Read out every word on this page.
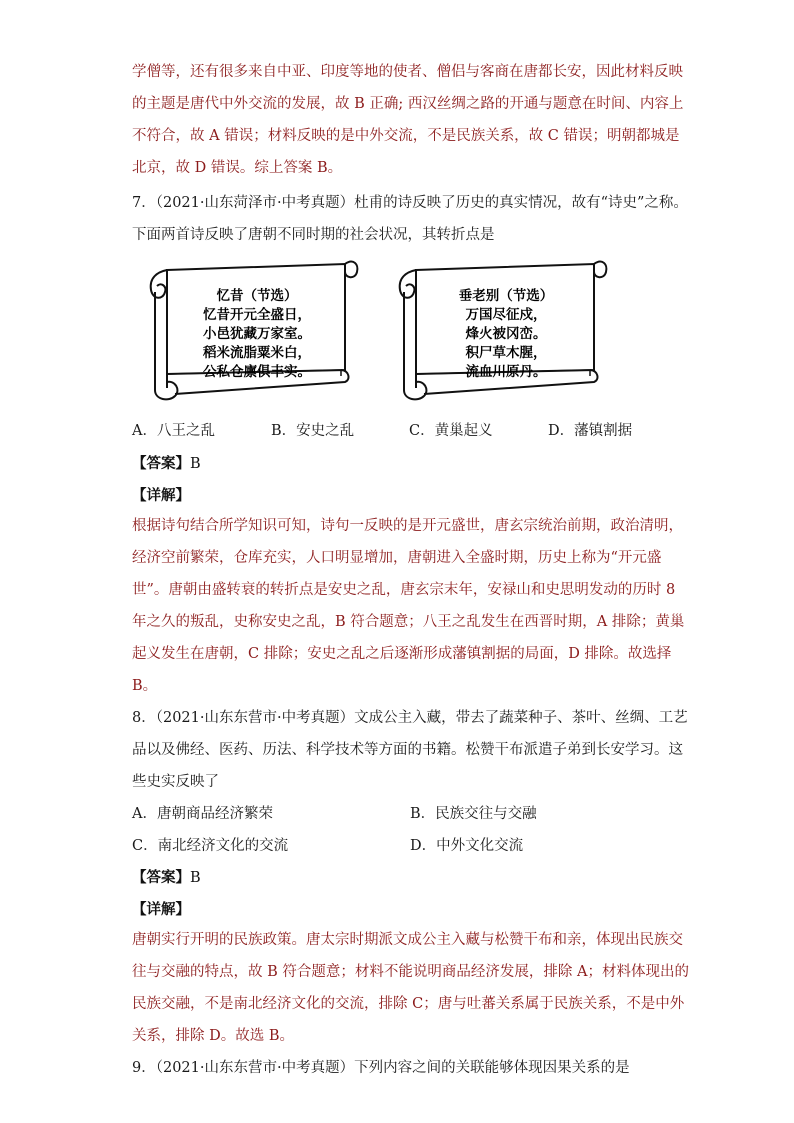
学僧等，还有很多来自中亚、印度等地的使者、僧侣与客商在唐都长安，因此材料反映
的主题是唐代中外交流的发展，故 B 正确; 西汉丝绸之路的开通与题意在时间、内容上
不符合，故 A 错误；材料反映的是中外交流，不是民族关系，故 C 错误；明朝都城是
北京，故 D 错误。综上答案 B。
7．（2021·山东菏泽市·中考真题）杜甫的诗反映了历史的真实情况，故有“诗史”之称。
下面两首诗反映了唐朝不同时期的社会状况，其转折点是
忆昔（节选）
忆昔开元全盛日，
小邑犹藏万家室。
稻米流脂粟米白，
公私仓廪俱丰实。
垂老别（节选）
万国尽征戍，
烽火被冈峦。
积尸草木腥，
流血川原丹。
A．八王之乱	B．安史之乱	C．黄巢起义	D．藩镇割据
【答案】B
【详解】
根据诗句结合所学知识可知，诗句一反映的是开元盛世，唐玄宗统治前期，政治清明，
经济空前繁荣，仓库充实，人口明显增加，唐朝进入全盛时期，历史上称为“开元盛
世”。唐朝由盛转衰的转折点是安史之乱，唐玄宗末年，安禄山和史思明发动的历时 8
年之久的叛乱，史称安史之乱，B 符合题意；八王之乱发生在西晋时期，A 排除；黄巢
起义发生在唐朝，C 排除；安史之乱之后逐渐形成藩镇割据的局面，D 排除。故选择
B。
8．（2021·山东东营市·中考真题）文成公主入藏，带去了蔬菜种子、茶叶、丝绸、工艺
品以及佛经、医药、历法、科学技术等方面的书籍。松赞干布派遣子弟到长安学习。这
些史实反映了
A．唐朝商品经济繁荣	B．民族交往与交融
C．南北经济文化的交流	D．中外文化交流
【答案】B
【详解】
唐朝实行开明的民族政策。唐太宗时期派文成公主入藏与松赞干布和亲，体现出民族交
往与交融的特点，故 B 符合题意；材料不能说明商品经济发展，排除 A；材料体现出的
民族交融，不是南北经济文化的交流，排除 C；唐与吐蕃关系属于民族关系，不是中外
关系，排除 D。故选 B。
9．（2021·山东东营市·中考真题）下列内容之间的关联能够体现因果关系的是
